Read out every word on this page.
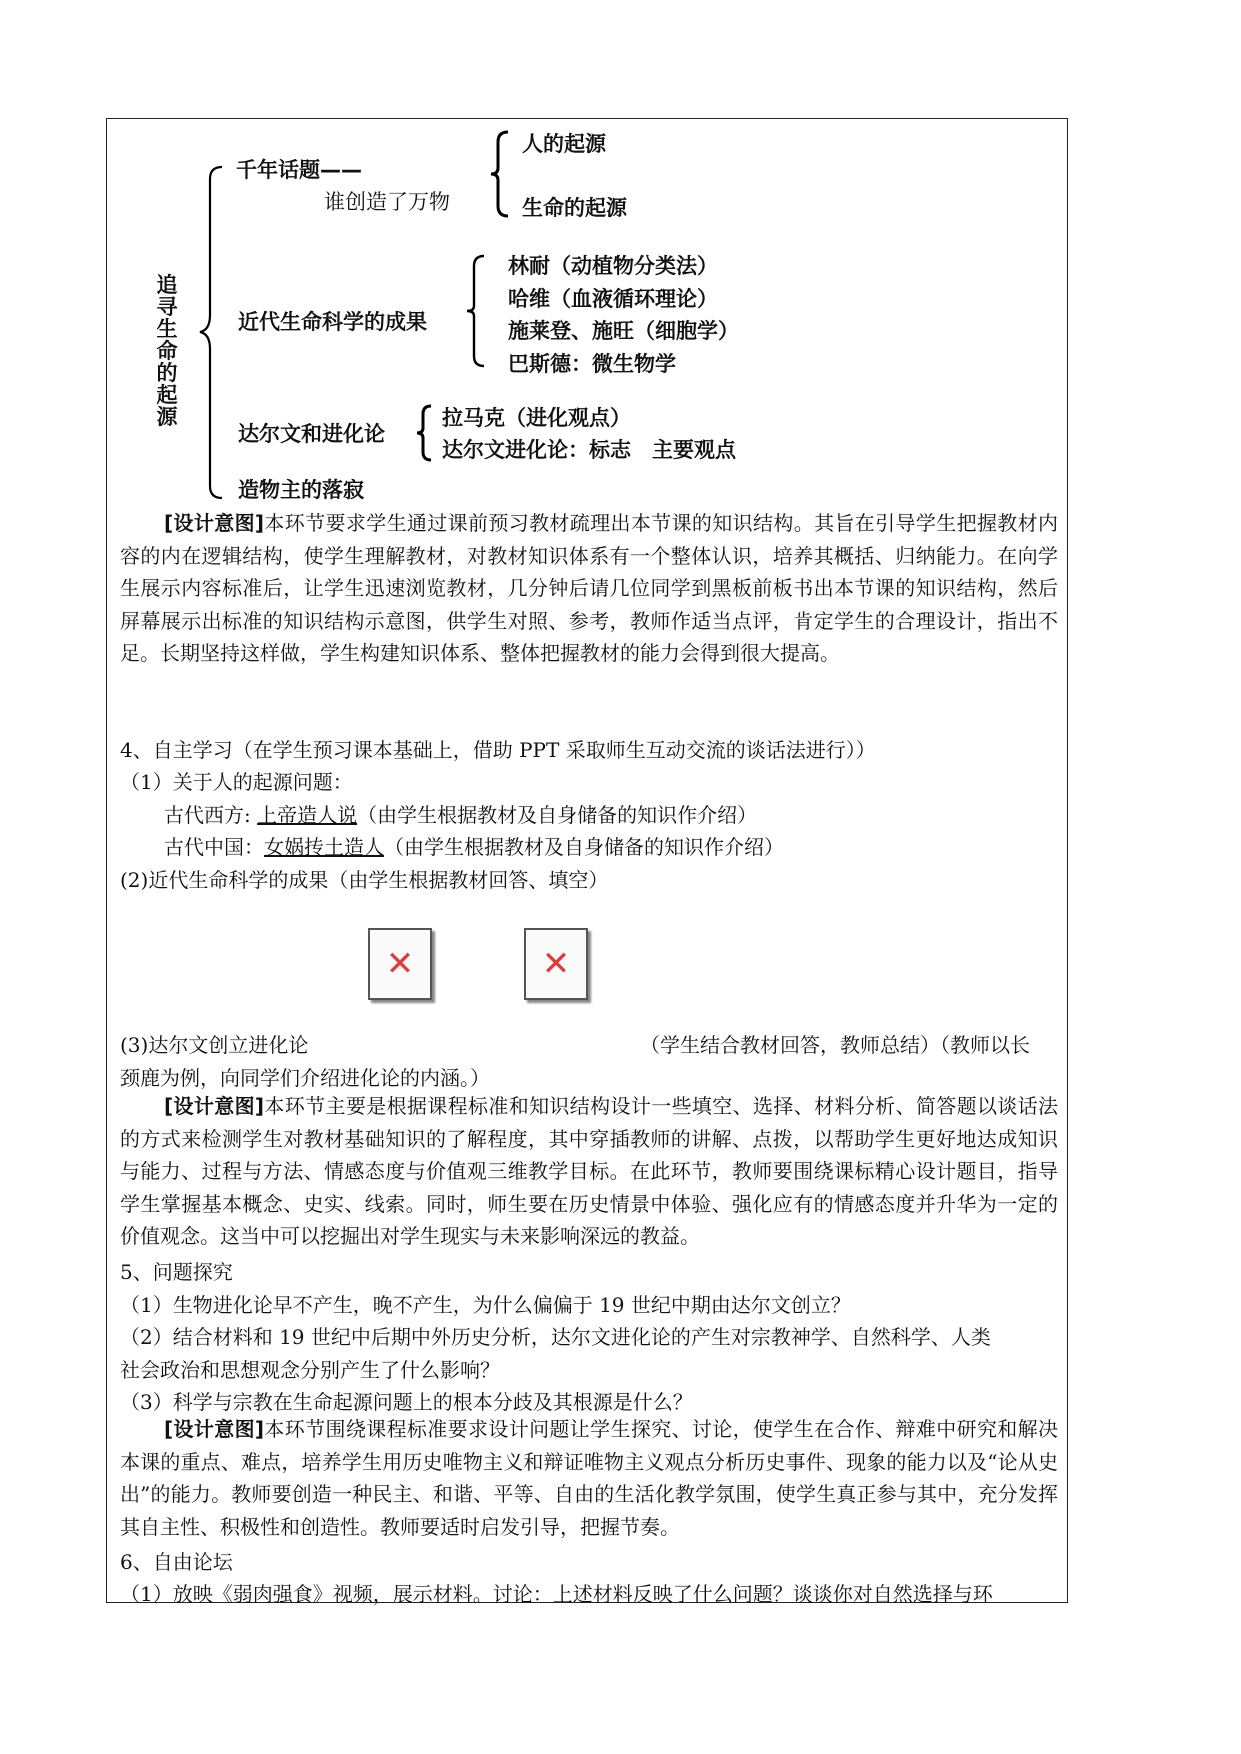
追寻生命的起源
千年话题——
谁创造了万物
人的起源
生命的起源
近代生命科学的成果
林耐（动植物分类法）
哈维（血液循环理论）
施莱登、施旺（细胞学）
巴斯德：微生物学
达尔文和进化论
拉马克（进化观点）
达尔文进化论：标志　主要观点
造物主的落寂

[设计意图]本环节要求学生通过课前预习教材疏理出本节课的知识结构。其旨在引导学生把握教材内容的内在逻辑结构，使学生理解教材，对教材知识体系有一个整体认识，培养其概括、归纳能力。在向学生展示内容标准后，让学生迅速浏览教材，几分钟后请几位同学到黑板前板书出本节课的知识结构，然后屏幕展示出标准的知识结构示意图，供学生对照、参考，教师作适当点评，肯定学生的合理设计，指出不足。长期坚持这样做，学生构建知识体系、整体把握教材的能力会得到很大提高。

4、自主学习（在学生预习课本基础上，借助 PPT 采取师生互动交流的谈话法进行））
（1）关于人的起源问题：
古代西方: 上帝造人说（由学生根据教材及自身储备的知识作介绍）
古代中国：女娲抟土造人（由学生根据教材及自身储备的知识作介绍）
(2)近代生命科学的成果（由学生根据教材回答、填空）
✕	✕
(3)达尔文创立进化论	（学生结合教材回答，教师总结）（教师以长
颈鹿为例，向同学们介绍进化论的内涵。）

[设计意图]本环节主要是根据课程标准和知识结构设计一些填空、选择、材料分析、简答题以谈话法的方式来检测学生对教材基础知识的了解程度，其中穿插教师的讲解、点拨，以帮助学生更好地达成知识与能力、过程与方法、情感态度与价值观三维教学目标。在此环节，教师要围绕课标精心设计题目，指导学生掌握基本概念、史实、线索。同时，师生要在历史情景中体验、强化应有的情感态度并升华为一定的价值观念。这当中可以挖掘出对学生现实与未来影响深远的教益。

5、问题探究
（1）生物进化论早不产生，晚不产生，为什么偏偏于 19 世纪中期由达尔文创立？
（2）结合材料和 19 世纪中后期中外历史分析，达尔文进化论的产生对宗教神学、自然科学、人类
社会政治和思想观念分别产生了什么影响？
（3）科学与宗教在生命起源问题上的根本分歧及其根源是什么？

[设计意图]本环节围绕课程标准要求设计问题让学生探究、讨论，使学生在合作、辩难中研究和解决本课的重点、难点，培养学生用历史唯物主义和辩证唯物主义观点分析历史事件、现象的能力以及“论从史出”的能力。教师要创造一种民主、和谐、平等、自由的生活化教学氛围，使学生真正参与其中，充分发挥其自主性、积极性和创造性。教师要适时启发引导，把握节奏。

6、自由论坛
（1）放映《弱肉强食》视频，展示材料。讨论：上述材料反映了什么问题？谈谈你对自然选择与环
